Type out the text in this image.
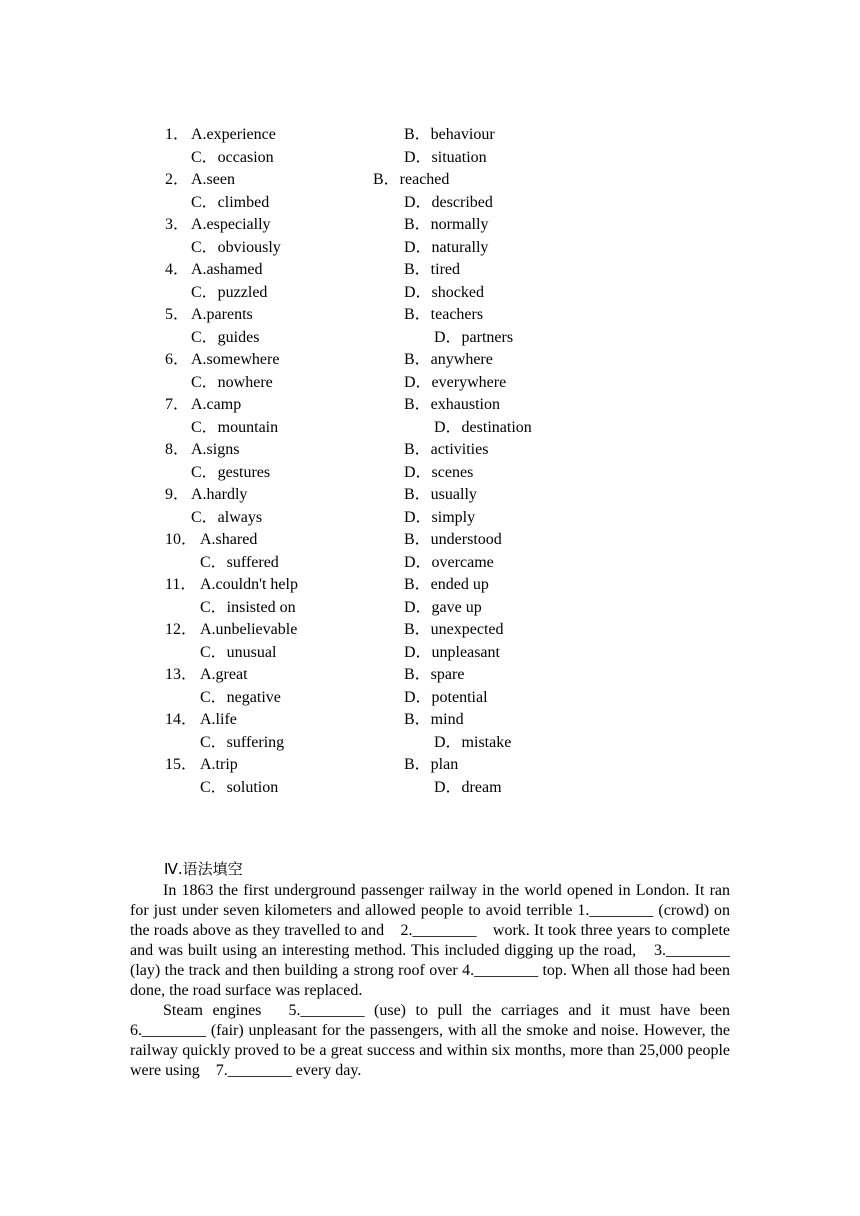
1． A.experience	B．behaviour
C．occasion	D．situation
2． A.seen	B．reached
C．climbed	D．described
3． A.especially	B．normally
C．obviously	D．naturally
4． A.ashamed	B．tired
C．puzzled	D．shocked
5． A.parents	B．teachers
C．guides	D．partners
6． A.somewhere	B．anywhere
C．nowhere	D．everywhere
7． A.camp	B．exhaustion
C．mountain	D．destination
8． A.signs	B．activities
C．gestures	D．scenes
9． A.hardly	B．usually
C．always	D．simply
10． A.shared	B．understood
C．suffered	D．overcame
11． A.couldn't help	B．ended up
C．insisted on	D．gave up
12． A.unbelievable	B．unexpected
C．unusual	D．unpleasant
13． A.great	B．spare
C．negative	D．potential
14． A.life	B．mind
C．suffering	D．mistake
15． A.trip	B．plan
C．solution	D．dream
Ⅳ.语法填空

In 1863 the first underground passenger railway in the world opened in London. It ran for just under seven kilometers and allowed people to avoid terrible 1.________ (crowd) on the roads above as they travelled to and　2.________　work. It took three years to complete and was built using an interesting method. This included digging up the road,　3.________ (lay) the track and then building a strong roof over 4.________ top. When all those had been done, the road surface was replaced.

Steam engines　5.________ (use) to pull the carriages and it must have been 6.________ (fair) unpleasant for the passengers, with all the smoke and noise. However, the railway quickly proved to be a great success and within six months, more than 25,000 people were using　7.________ every day.
